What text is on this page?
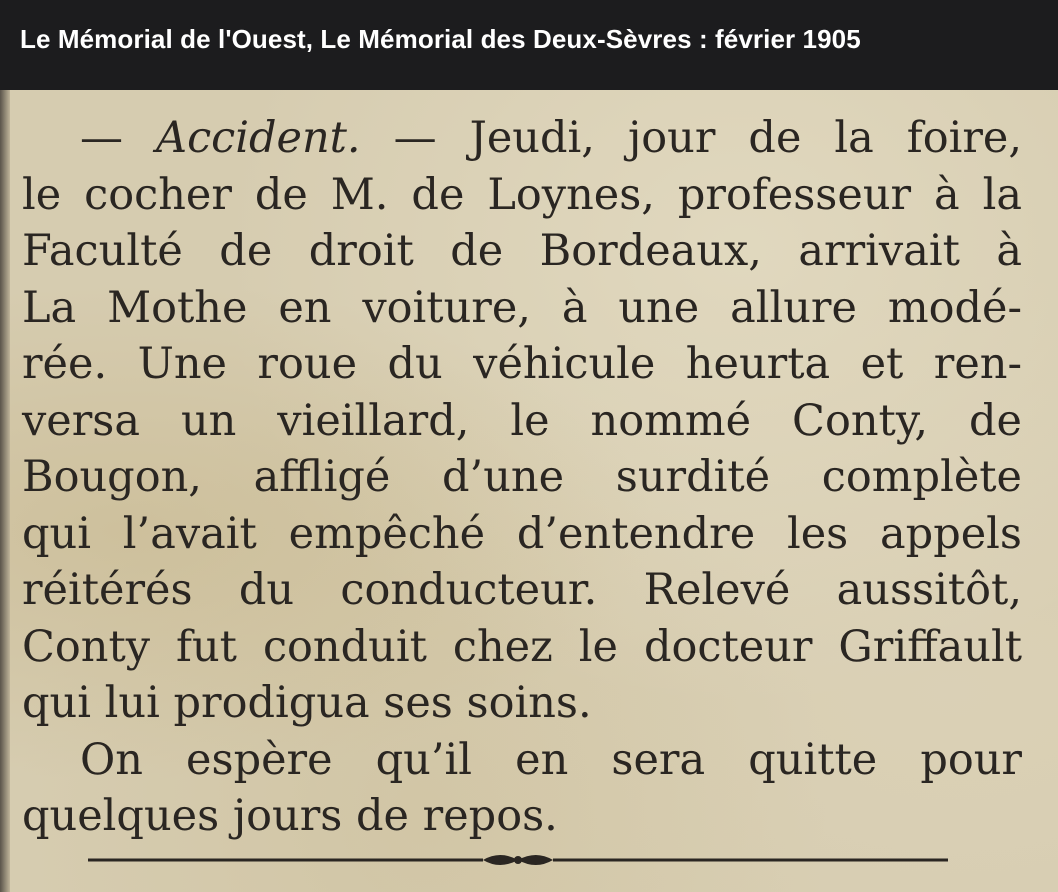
Le Mémorial de l'Ouest, Le Mémorial des Deux-Sèvres : février 1905
— Accident. — Jeudi, jour de la foire,
le cocher de M. de Loynes, professeur à la
Faculté de droit de Bordeaux, arrivait à
La Mothe en voiture, à une allure modé-
rée. Une roue du véhicule heurta et ren-
versa un vieillard, le nommé Conty, de
Bougon, affligé d’une surdité complète
qui l’avait empêché d’entendre les appels
réitérés du conducteur. Relevé aussitôt,
Conty fut conduit chez le docteur Griffault
qui lui prodigua ses soins.
On espère qu’il en sera quitte pour
quelques jours de repos.
